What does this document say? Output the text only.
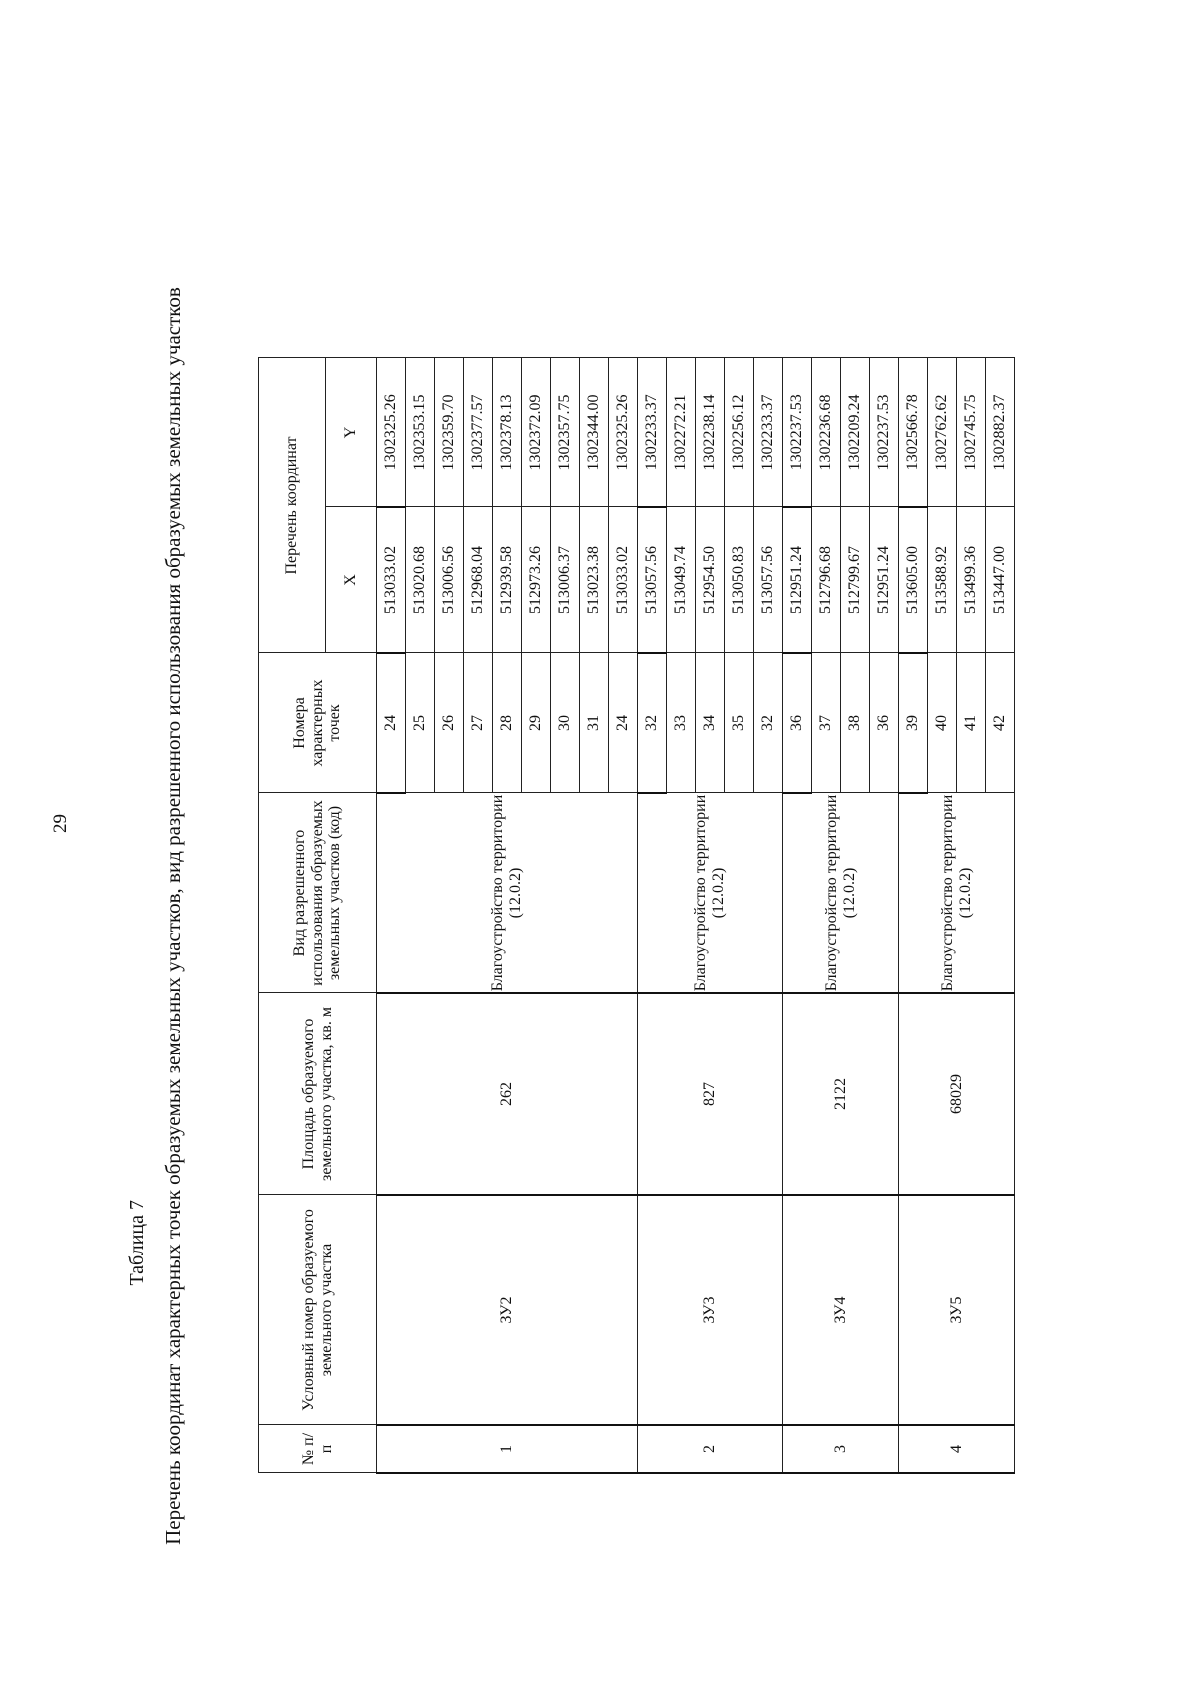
29
Таблица 7 Перечень координат характерных точек образуемых земельных участков, вид разрешенного использования образуемых земельных участков	№ п/п	Условный номер образуемого земельного участка	Площадь образуемого земельного участка, кв. м	Вид разрешенного использования образуемых земельных участков (код)	Номера характерных точек	Перечень координат	
					X	Y
1	ЗУ2	262	Благоустройство территории (12.0.2)	24	513033.02	1302325.26
				25	513020.68	1302353.15
				26	513006.56	1302359.70
				27	512968.04	1302377.57
				28	512939.58	1302378.13
				29	512973.26	1302372.09
				30	513006.37	1302357.75
				31	513023.38	1302344.00
				24	513033.02	1302325.26
2	ЗУ3	827	Благоустройство территории (12.0.2)	32	513057.56	1302233.37
				33	513049.74	1302272.21
				34	512954.50	1302238.14
				35	513050.83	1302256.12
				32	513057.56	1302233.37
3	ЗУ4	2122	Благоустройство территории (12.0.2)	36	512951.24	1302237.53
				37	512796.68	1302236.68
				38	512799.67	1302209.24
				36	512951.24	1302237.53
4	ЗУ5	68029	Благоустройство территории (12.0.2)	39	513605.00	1302566.78
				40	513588.92	1302762.62
				41	513499.36	1302745.75
				42	513447.00	1302882.37
